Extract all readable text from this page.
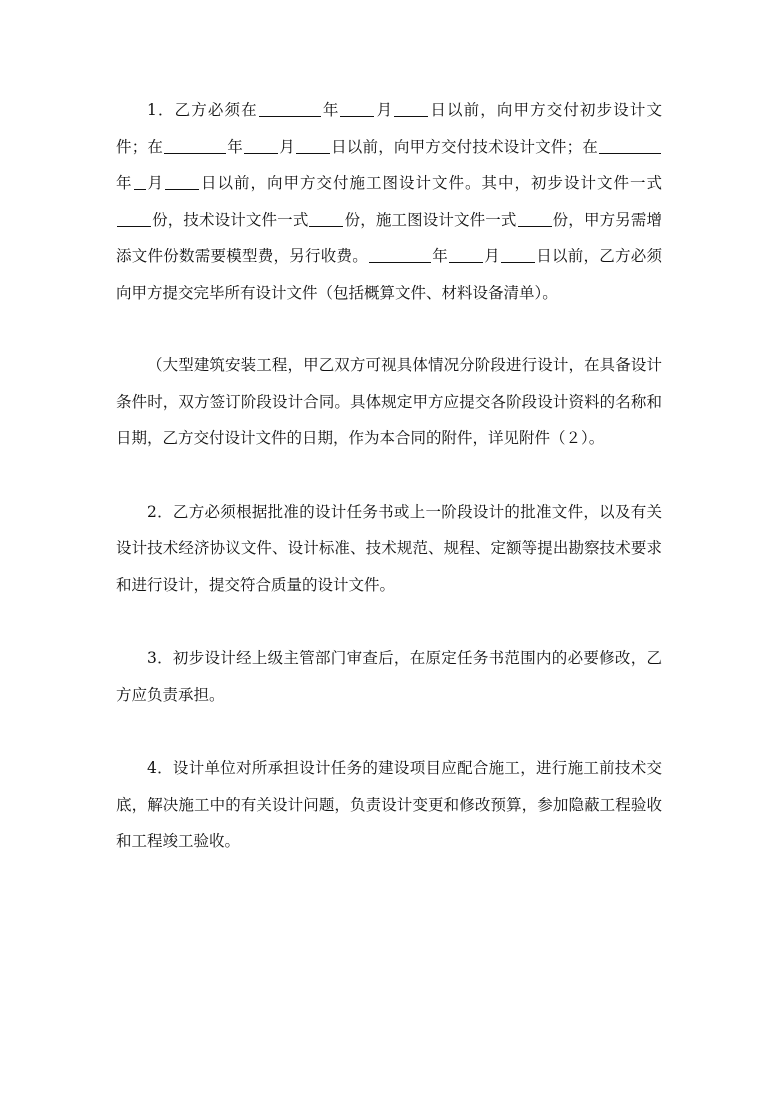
1．乙方必须在	年 月 日以前，向甲方交付初步设计文件；在	年 月 日以前，向甲方交付技术设计文件；在年 月 日以前，向甲方交付施工图设计文件。其中，初步设计文件一式份，技术设计文件一式 份，施工图设计文件一式 份，甲方另需增添文件份数需要模型费，另行收费。	年 月 日以前，乙方必须向甲方提交完毕所有设计文件（包括概算文件、材料设备清单）。

（大型建筑安装工程，甲乙双方可视具体情况分阶段进行设计，在具备设计条件时，双方签订阶段设计合同。具体规定甲方应提交各阶段设计资料的名称和日期，乙方交付设计文件的日期，作为本合同的附件，详见附件（２）。

2．乙方必须根据批准的设计任务书或上一阶段设计的批准文件，以及有关设计技术经济协议文件、设计标准、技术规范、规程、定额等提出勘察技术要求和进行设计，提交符合质量的设计文件。

3．初步设计经上级主管部门审查后，在原定任务书范围内的必要修改，乙方应负责承担。

4．设计单位对所承担设计任务的建设项目应配合施工，进行施工前技术交底，解决施工中的有关设计问题，负责设计变更和修改预算，参加隐蔽工程验收和工程竣工验收。
